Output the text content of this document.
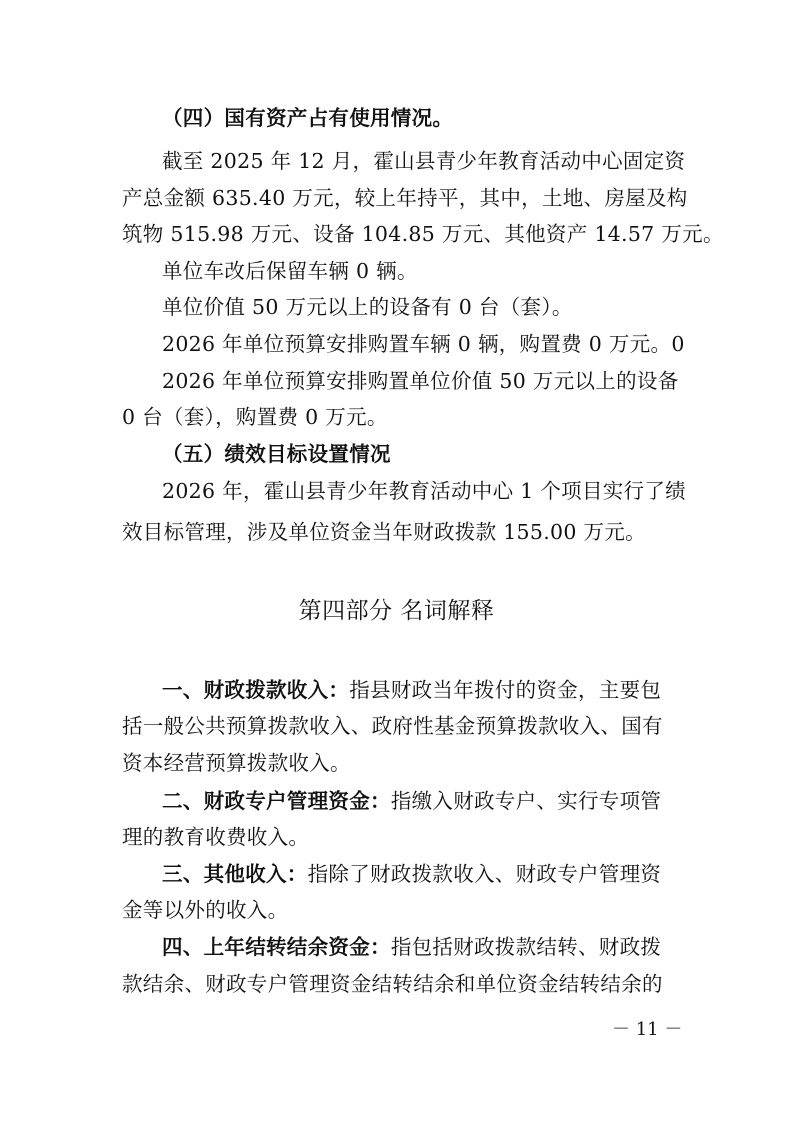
（四）国有资产占有使用情况。
截至 2025 年 12 月，霍山县青少年教育活动中心固定资
产总金额 635.40 万元，较上年持平，其中，土地、房屋及构
筑物 515.98 万元、设备 104.85 万元、其他资产 14.57 万元。
单位车改后保留车辆 0 辆。
单位价值 50 万元以上的设备有 0 台（套）。
2026 年单位预算安排购置车辆 0 辆，购置费 0 万元。0
2026 年单位预算安排购置单位价值 50 万元以上的设备
0 台（套），购置费 0 万元。
（五）绩效目标设置情况
2026 年，霍山县青少年教育活动中心 1 个项目实行了绩
效目标管理，涉及单位资金当年财政拨款 155.00 万元。
第四部分 名词解释
一、财政拨款收入：指县财政当年拨付的资金，主要包
括一般公共预算拨款收入、政府性基金预算拨款收入、国有
资本经营预算拨款收入。
二、财政专户管理资金：指缴入财政专户、实行专项管
理的教育收费收入。
三、其他收入：指除了财政拨款收入、财政专户管理资
金等以外的收入。
四、上年结转结余资金：指包括财政拨款结转、财政拨
款结余、财政专户管理资金结转结余和单位资金结转结余的
－ 11 －
